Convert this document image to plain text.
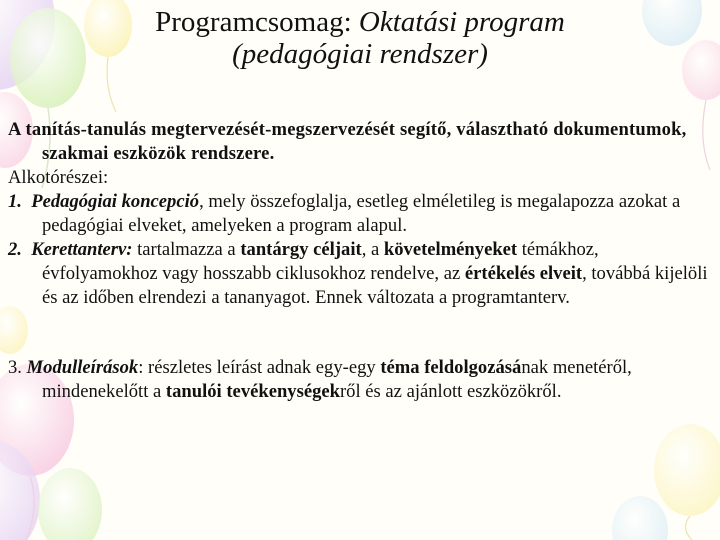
Programcsomag: Oktatási program
(pedagógiai rendszer)

A tanítás-tanulás megtervezését-megszervezését segítő, választható dokumentumok, szakmai eszközök rendszere.

Alkotórészei:

1. Pedagógiai koncepció, mely összefoglalja, esetleg elméletileg is megalapozza azokat a pedagógiai elveket, amelyeken a program alapul.

2. Kerettanterv: tartalmazza a tantárgy céljait, a követelményeket témákhoz, évfolyamokhoz vagy hosszabb ciklusokhoz rendelve, az értékelés elveit, továbbá kijelöli és az időben elrendezi a tananyagot. Ennek változata a programtanterv.

3. Modulleírások: részletes leírást adnak egy-egy téma feldolgozásának menetéről, mindenekelőtt a tanulói tevékenységekről és az ajánlott eszközökről.
